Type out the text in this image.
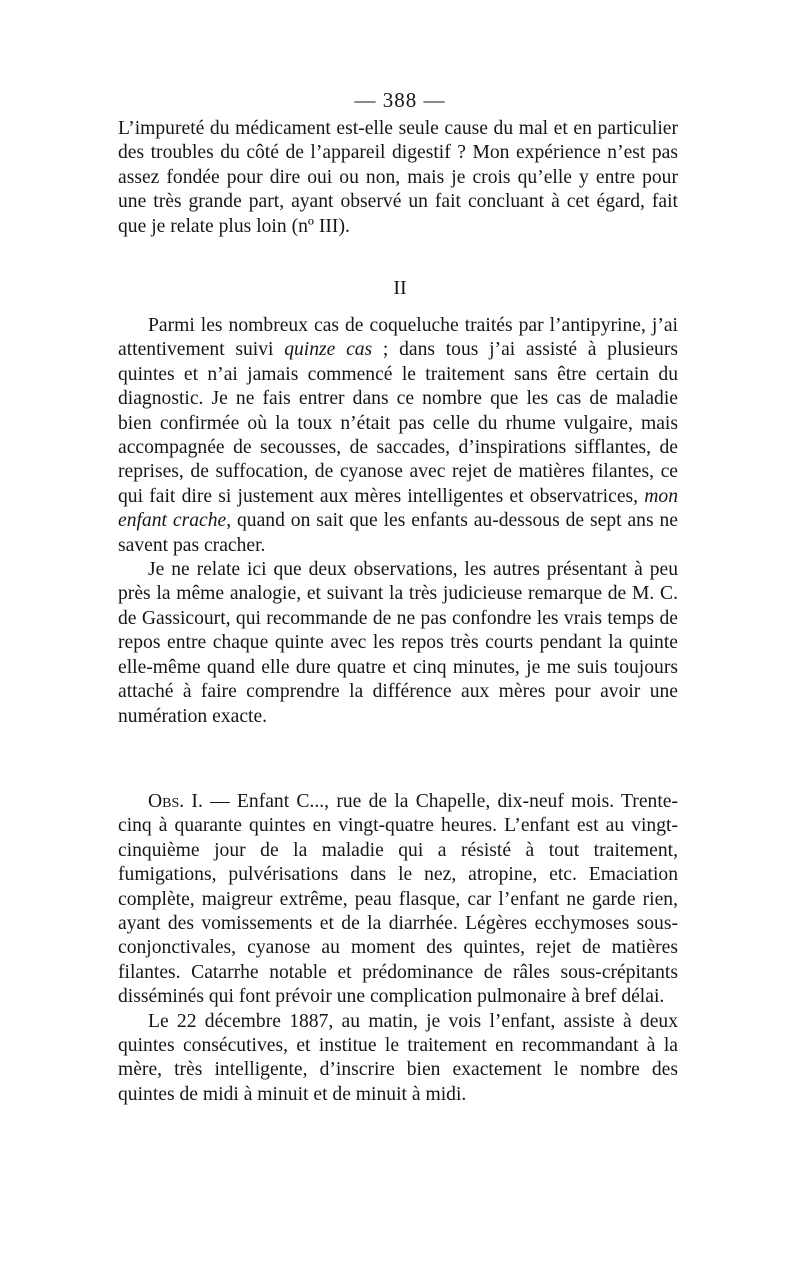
— 388 —

L’impureté du médicament est-elle seule cause du mal et en particulier des troubles du côté de l’appareil digestif ? Mon expérience n’est pas assez fondée pour dire oui ou non, mais je crois qu’elle y entre pour une très grande part, ayant observé un fait concluant à cet égard, fait que je relate plus loin (nº III).

II

Parmi les nombreux cas de coqueluche traités par l’antipyrine, j’ai attentivement suivi quinze cas ; dans tous j’ai assisté à plusieurs quintes et n’ai jamais commencé le traitement sans être certain du diagnostic. Je ne fais entrer dans ce nombre que les cas de maladie bien confirmée où la toux n’était pas celle du rhume vulgaire, mais accompagnée de secousses, de saccades, d’inspirations sifflantes, de reprises, de suffocation, de cyanose avec rejet de matières filantes, ce qui fait dire si justement aux mères intelligentes et observatrices, mon enfant crache, quand on sait que les enfants au-dessous de sept ans ne savent pas cracher.

Je ne relate ici que deux observations, les autres présentant à peu près la même analogie, et suivant la très judicieuse remarque de M. C. de Gassicourt, qui recommande de ne pas confondre les vrais temps de repos entre chaque quinte avec les repos très courts pendant la quinte elle-même quand elle dure quatre et cinq minutes, je me suis toujours attaché à faire comprendre la différence aux mères pour avoir une numération exacte.

Obs. I. — Enfant C..., rue de la Chapelle, dix-neuf mois. Trente-cinq à quarante quintes en vingt-quatre heures. L’enfant est au vingt-cinquième jour de la maladie qui a résisté à tout traitement, fumigations, pulvérisations dans le nez, atropine, etc. Emaciation complète, maigreur extrême, peau flasque, car l’enfant ne garde rien, ayant des vomissements et de la diarrhée. Légères ecchymoses sous-conjonctivales, cyanose au moment des quintes, rejet de matières filantes. Catarrhe notable et prédominance de râles sous-crépitants disséminés qui font prévoir une complication pulmonaire à bref délai.

Le 22 décembre 1887, au matin, je vois l’enfant, assiste à deux quintes consécutives, et institue le traitement en recommandant à la mère, très intelligente, d’inscrire bien exactement le nombre des quintes de midi à minuit et de minuit à midi.
